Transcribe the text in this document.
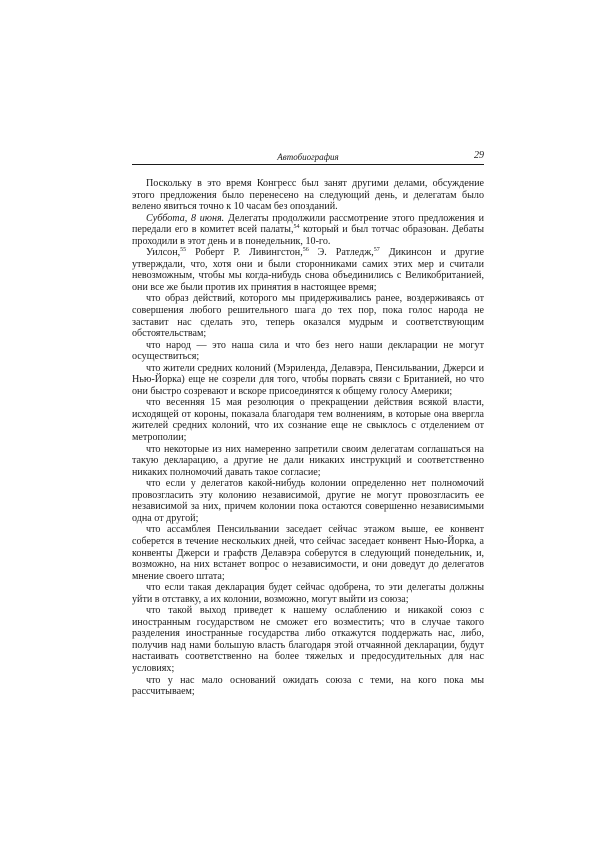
Автобиография	29

Поскольку в это время Конгресс был занят другими делами, обсуждение этого предложения было перенесено на следующий день, и делегатам было велено явиться точно к 10 часам без опозданий.

Суббота, 8 июня. Делегаты продолжили рассмотрение этого предложения и передали его в комитет всей палаты,$^{54}$ который и был тотчас образован. Дебаты проходили в этот день и в понедельник, 10-го.

Уилсон,$^{55}$ Роберт Р. Ливингстон,$^{56}$ Э. Ратледж,$^{57}$ Дикинсон и другие утверждали, что, хотя они и были сторонниками самих этих мер и считали невозможным, чтобы мы когда-нибудь снова объединились с Великобританией, они все же были против их принятия в настоящее время;

что образ действий, которого мы придерживались ранее, воздерживаясь от совершения любого решительного шага до тех пор, пока голос народа не заставит нас сделать это, теперь оказался мудрым и соответствующим обстоятельствам;

что народ — это наша сила и что без него наши декларации не могут осуществиться;

что жители средних колоний (Мэриленда, Делавэра, Пенсильвании, Джерси и Нью-Йорка) еще не созрели для того, чтобы порвать связи с Британией, но что они быстро созревают и вскоре присоединятся к общему голосу Америки;

что весенняя 15 мая резолюция о прекращении действия всякой власти, исходящей от короны, показала благодаря тем волнениям, в которые она ввергла жителей средних колоний, что их сознание еще не свыклось с отделением от метрополии;

что некоторые из них намеренно запретили своим делегатам соглашаться на такую декларацию, а другие не дали никаких инструкций и соответственно никаких полномочий давать такое согласие;

что если у делегатов какой-нибудь колонии определенно нет полномочий провозгласить эту колонию независимой, другие не могут провозгласить ее независимой за них, причем колонии пока остаются совершенно независимыми одна от другой;

что ассамблея Пенсильвании заседает сейчас этажом выше, ее конвент соберется в течение нескольких дней, что сейчас заседает конвент Нью-Йорка, а конвенты Джерси и графств Делавэра соберутся в следующий понедельник, и, возможно, на них встанет вопрос о независимости, и они доведут до делегатов мнение своего штата;

что если такая декларация будет сейчас одобрена, то эти делегаты должны уйти в отставку, а их колонии, возможно, могут выйти из союза;

что такой выход приведет к нашему ослаблению и никакой союз с иностранным государством не сможет его возместить; что в случае такого разделения иностранные государства либо откажутся поддержать нас, либо, получив над нами большую власть благодаря этой отчаянной декларации, будут настаивать соответственно на более тяжелых и предосудительных для нас условиях;

что у нас мало оснований ожидать союза с теми, на кого пока мы рассчитываем;
